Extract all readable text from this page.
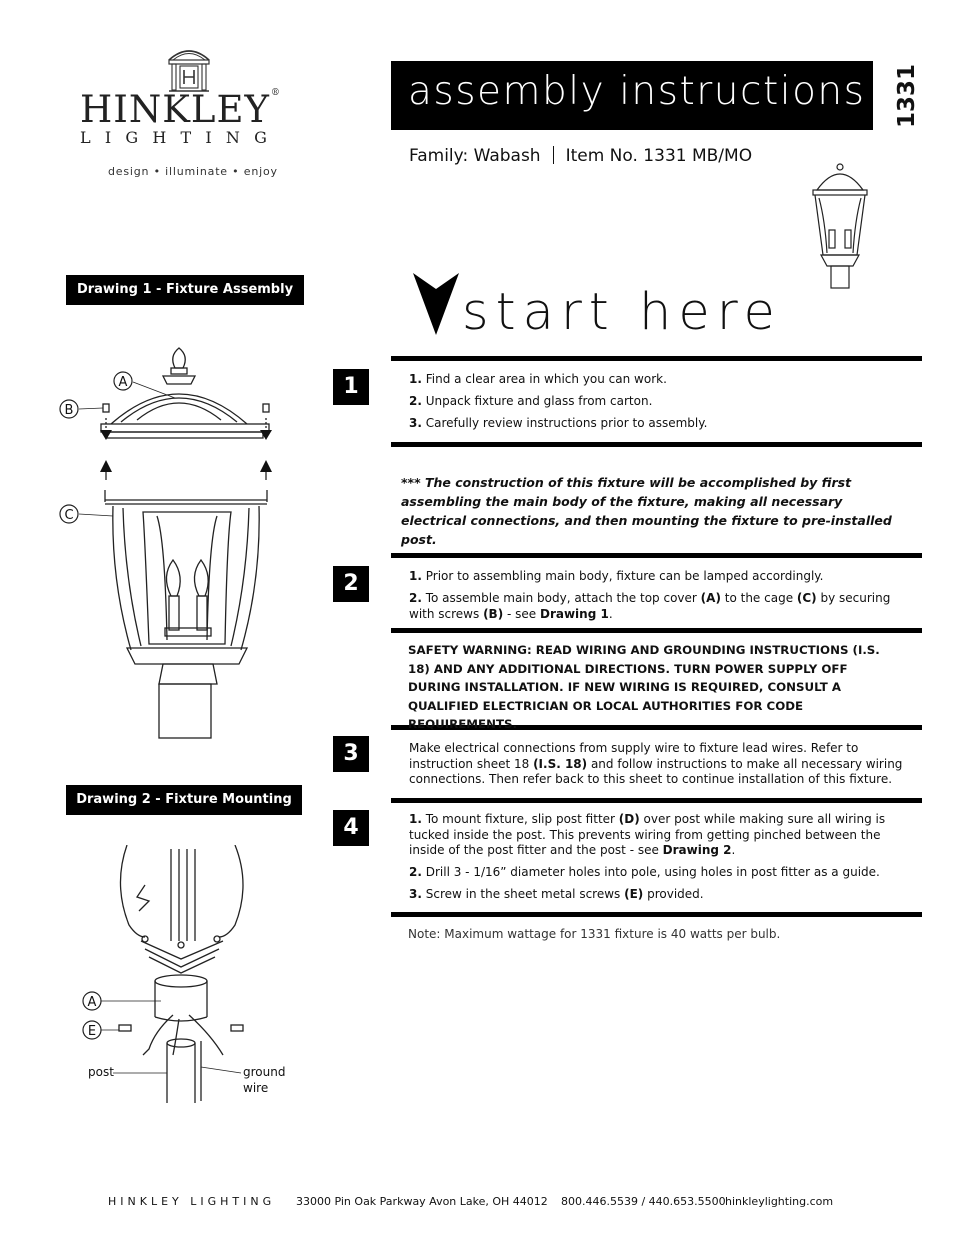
HINKLEY®
LIGHTING
design • illuminate • enjoy
assembly instructions 1331
Family: Wabash Item No. 1331 MB/MO
Drawing 1 - Fixture Assembly
Drawing 2 - Fixture Mounting
A
B
C
A
E
post	ground wire
start here
1	1. Find a clear area in which you can work.
2. Unpack fixture and glass from carton.
3. Carefully review instructions prior to assembly.
*** The construction of this fixture will be accomplished by first assembling the main body of the fixture, making all necessary electrical connections, and then mounting the fixture to pre-installed post.
2	1. Prior to assembling main body, fixture can be lamped accordingly.
2. To assemble main body, attach the top cover (A) to the cage (C) by securing with screws (B) - see Drawing 1.
SAFETY WARNING: READ WIRING AND GROUNDING INSTRUCTIONS (I.S. 18) AND ANY ADDITIONAL DIRECTIONS. TURN POWER SUPPLY OFF DURING INSTALLATION. IF NEW WIRING IS REQUIRED, CONSULT A QUALIFIED ELECTRICIAN OR LOCAL AUTHORITIES FOR CODE REQUIREMENTS.
3	Make electrical connections from supply wire to fixture lead wires. Refer to instruction sheet 18 (I.S. 18) and follow instructions to make all necessary wiring connections. Then refer back to this sheet to continue installation of this fixture.
4	1. To mount fixture, slip post fitter (D) over post while making sure all wiring is tucked inside the post. This prevents wiring from getting pinched between the inside of the post fitter and the post - see Drawing 2.
2. Drill 3 - 1/16” diameter holes into pole, using holes in post fitter as a guide.
3. Screw in the sheet metal screws (E) provided.
Note: Maximum wattage for 1331 fixture is 40 watts per bulb.
HINKLEY LIGHTING 33000 Pin Oak Parkway Avon Lake, OH 44012 800.446.5539 / 440.653.5500 hinkleylighting.com
